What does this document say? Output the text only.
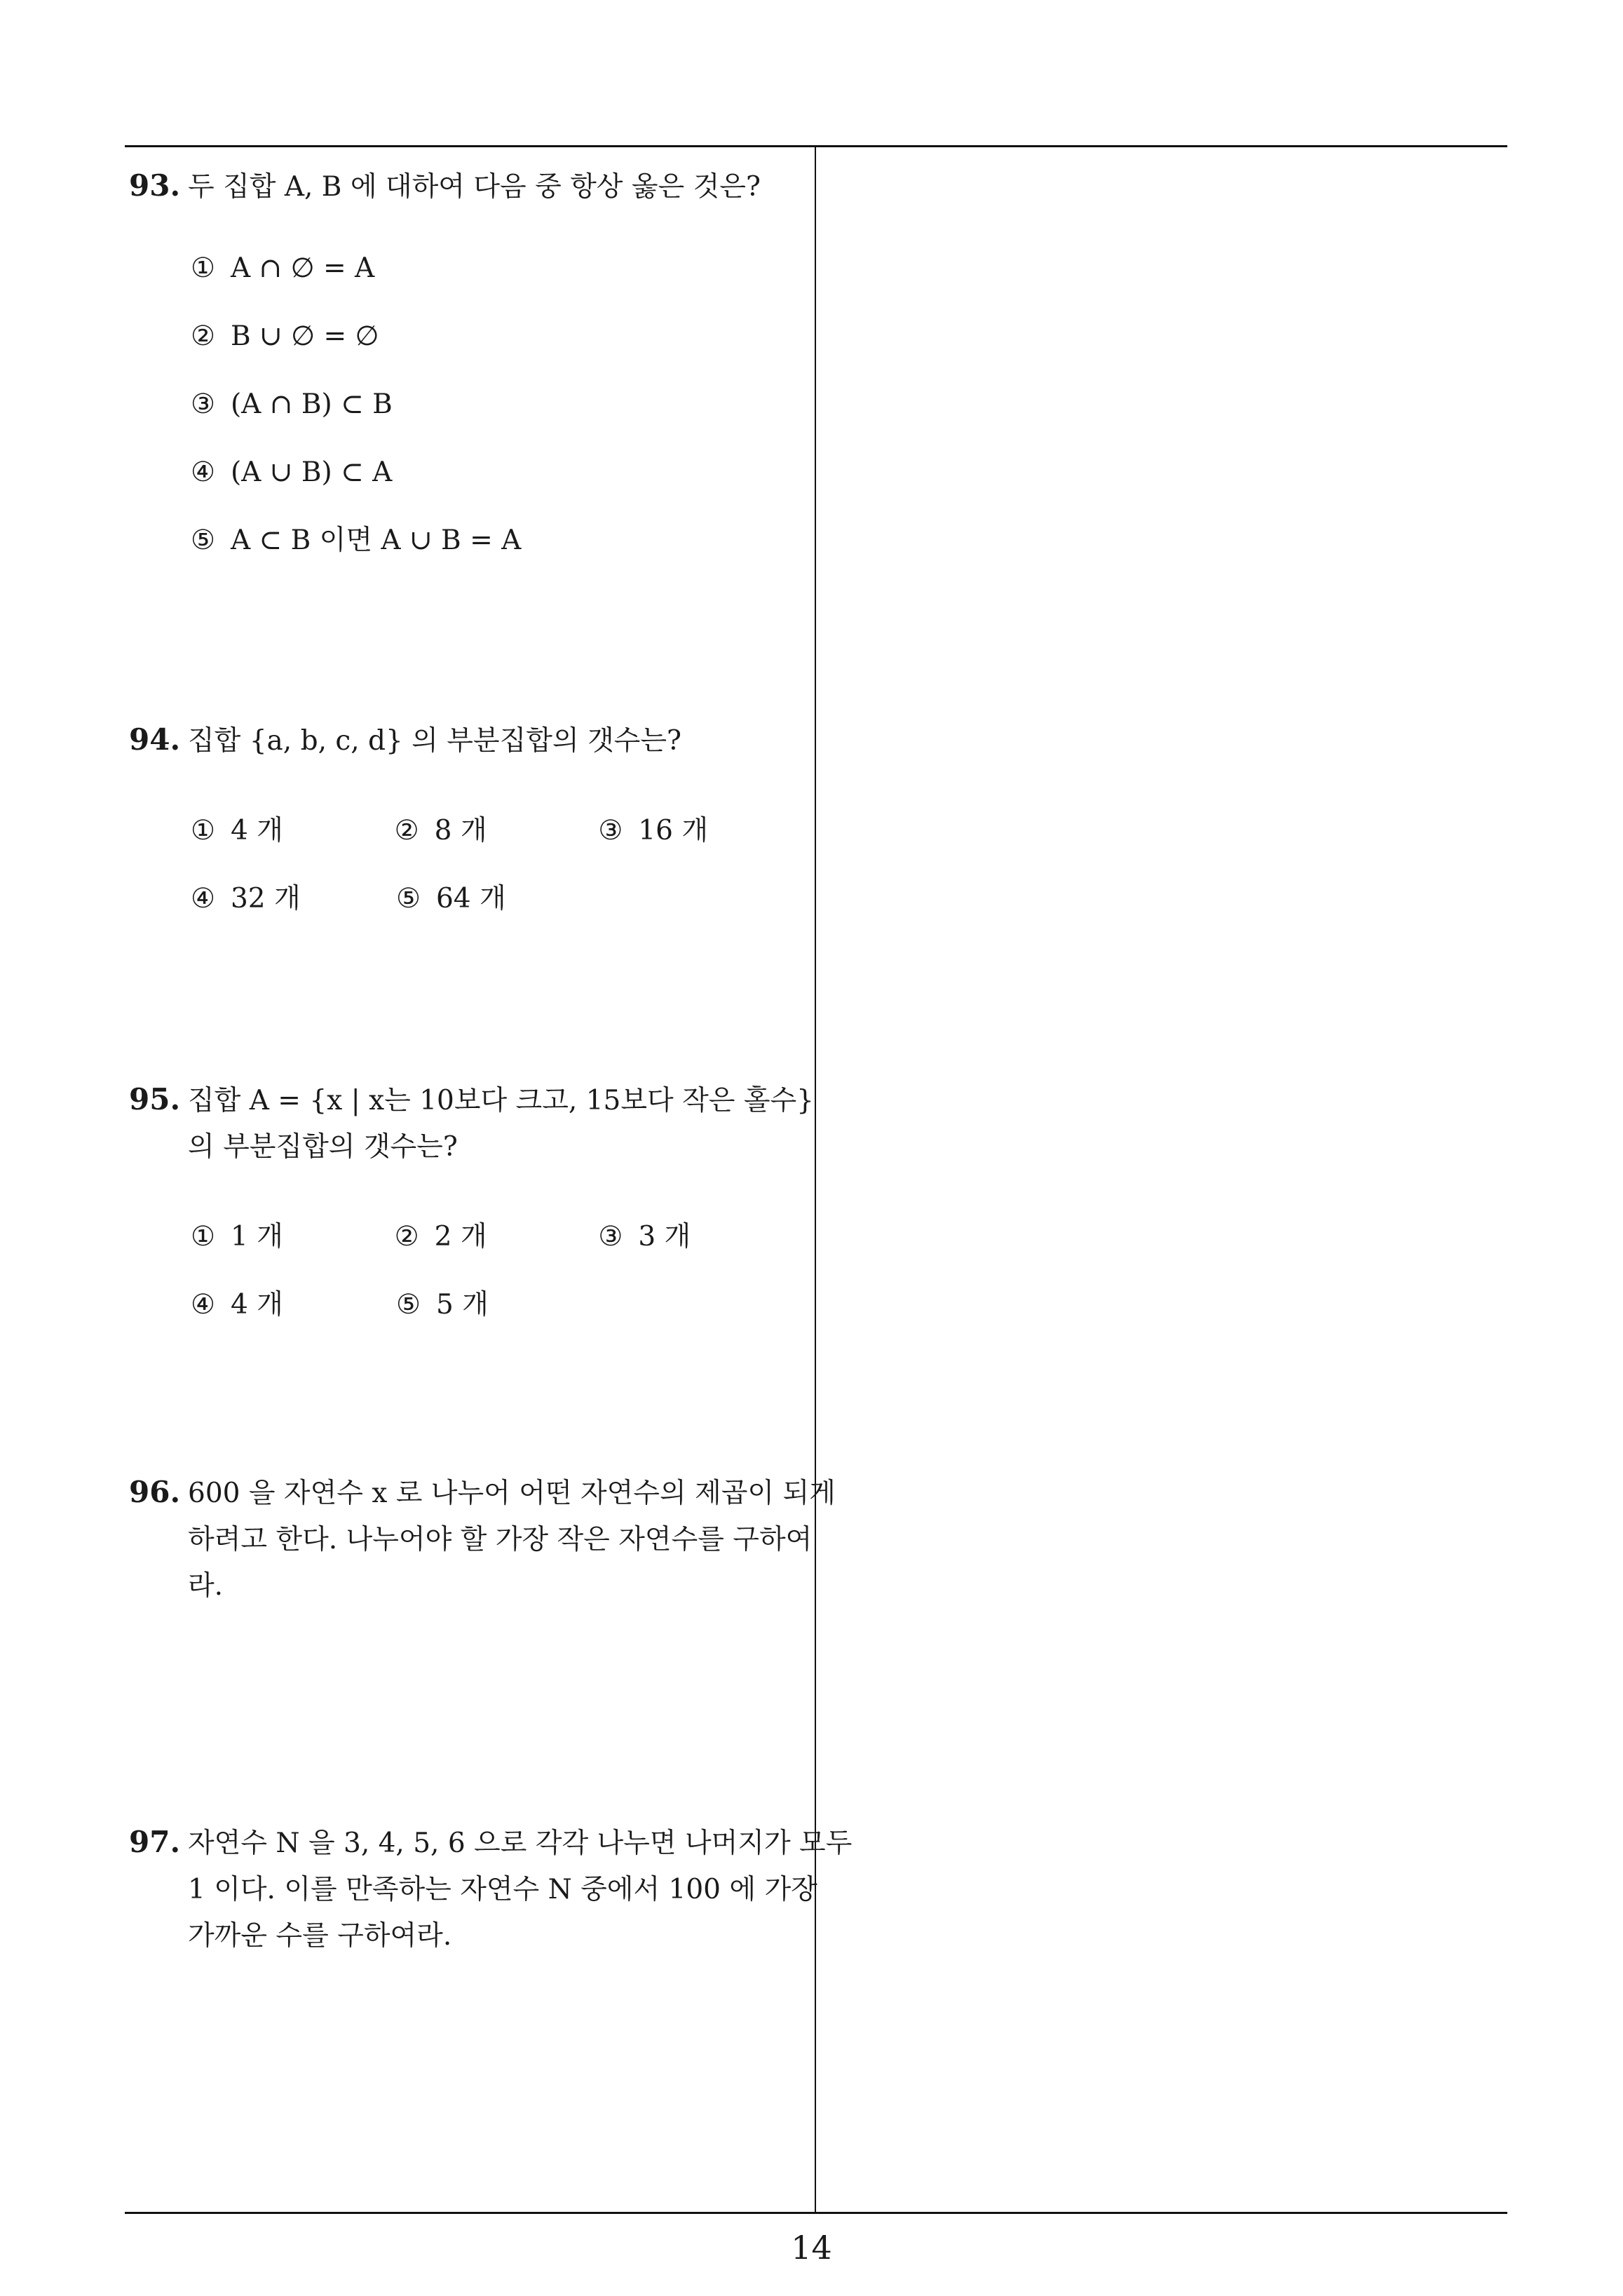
93. 두 집합 A, B 에 대하여 다음 중 항상 옳은 것은?
① A ∩ ∅ = A
② B ∪ ∅ = ∅
③ (A ∩ B) ⊂ B
④ (A ∪ B) ⊂ A
⑤ A ⊂ B 이면 A ∪ B = A
94. 집합 {a, b, c, d} 의 부분집합의 갯수는?
① 4 개	② 8 개	③ 16 개
④ 32 개	⑤ 64 개
95. 집합 A = {x | x는 10보다 크고, 15보다 작은 홀수}
의 부분집합의 갯수는?
① 1 개	② 2 개	③ 3 개
④ 4 개	⑤ 5 개
96. 600 을 자연수 x 로 나누어 어떤 자연수의 제곱이 되게
하려고 한다. 나누어야 할 가장 작은 자연수를 구하여
라.
97. 자연수 N 을 3, 4, 5, 6 으로 각각 나누면 나머지가 모두
1 이다. 이를 만족하는 자연수 N 중에서 100 에 가장
가까운 수를 구하여라.
14
